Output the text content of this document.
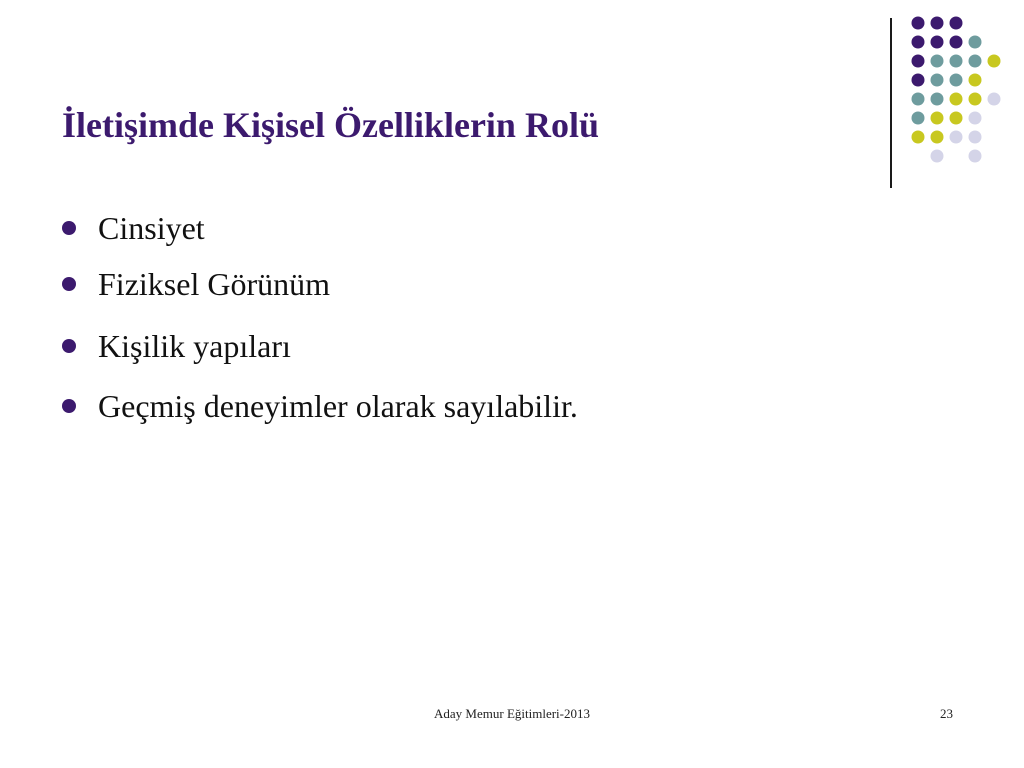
İletişimde Kişisel Özelliklerin Rolü
Cinsiyet
Fiziksel Görünüm
Kişilik yapıları
Geçmiş deneyimler olarak sayılabilir.
Aday Memur Eğitimleri-2013	23
